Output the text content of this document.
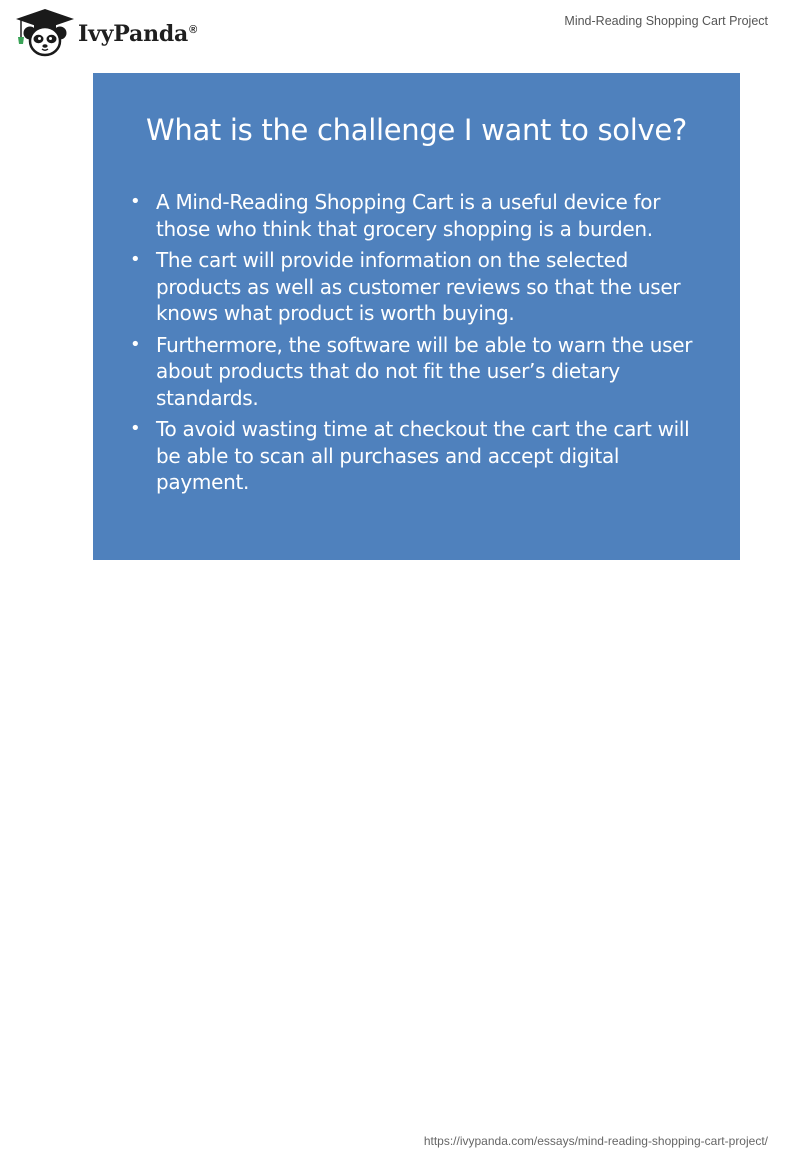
IvyPanda®
Mind-Reading Shopping Cart Project
What is the challenge I want to solve?
• A Mind-Reading Shopping Cart is a useful device for those who think that grocery shopping is a burden.
• The cart will provide information on the selected products as well as customer reviews so that the user knows what product is worth buying.
• Furthermore, the software will be able to warn the user about products that do not fit the user’s dietary standards.
• To avoid wasting time at checkout the cart the cart will be able to scan all purchases and accept digital payment.
https://ivypanda.com/essays/mind-reading-shopping-cart-project/
